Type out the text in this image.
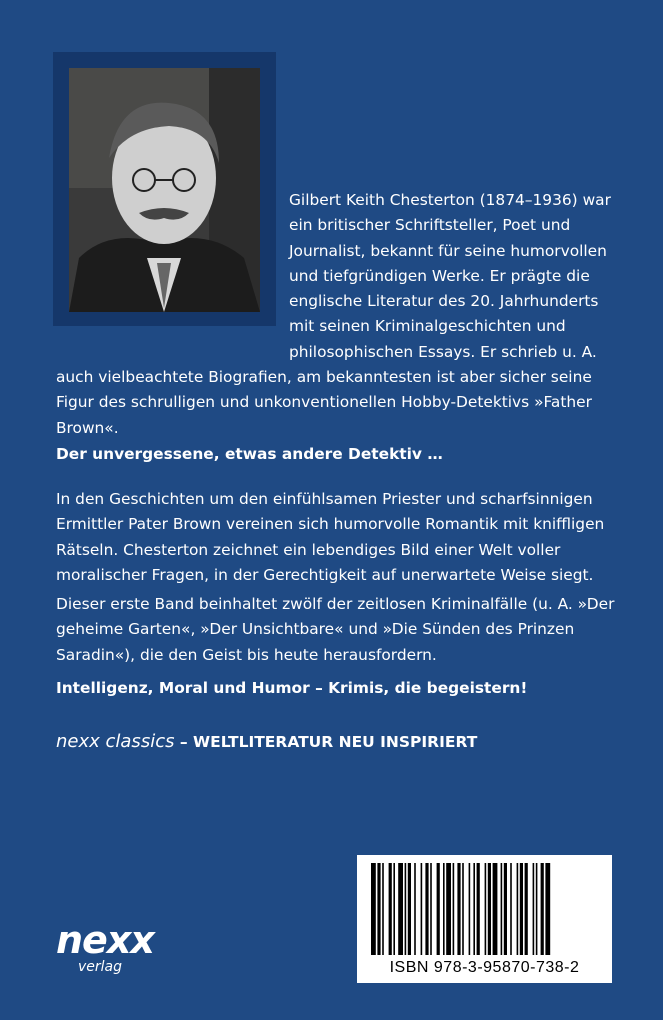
Gilbert Keith Chesterton (1874–1936) war ein britischer Schriftsteller, Poet und Journalist, bekannt für seine humorvollen und tiefgründigen Werke. Er prägte die englische Literatur des 20. Jahrhunderts mit seinen Kriminalgeschichten und philosophischen Essays. Er schrieb u. A. auch vielbeachtete Biografien, am bekanntesten ist aber sicher seine Figur des schrulligen und unkonventionellen Hobby-Detektivs »Father Brown«.

Der unvergessene, etwas andere Detektiv …

In den Geschichten um den einfühlsamen Priester und scharfsinnigen Ermittler Pater Brown vereinen sich humorvolle Romantik mit kniffligen Rätseln. Chesterton zeichnet ein lebendiges Bild einer Welt voller moralischer Fragen, in der Gerechtigkeit auf unerwartete Weise siegt.

Dieser erste Band beinhaltet zwölf der zeitlosen Kriminalfälle (u. A. »Der geheime Garten«, »Der Unsichtbare« und »Die Sünden des Prinzen Saradin«), die den Geist bis heute herausfordern.

Intelligenz, Moral und Humor – Krimis, die begeistern!

nexx classics – WELTLITERATUR NEU INSPIRIERT
nexx
verlag	ISBN 978-3-95870-738-2
